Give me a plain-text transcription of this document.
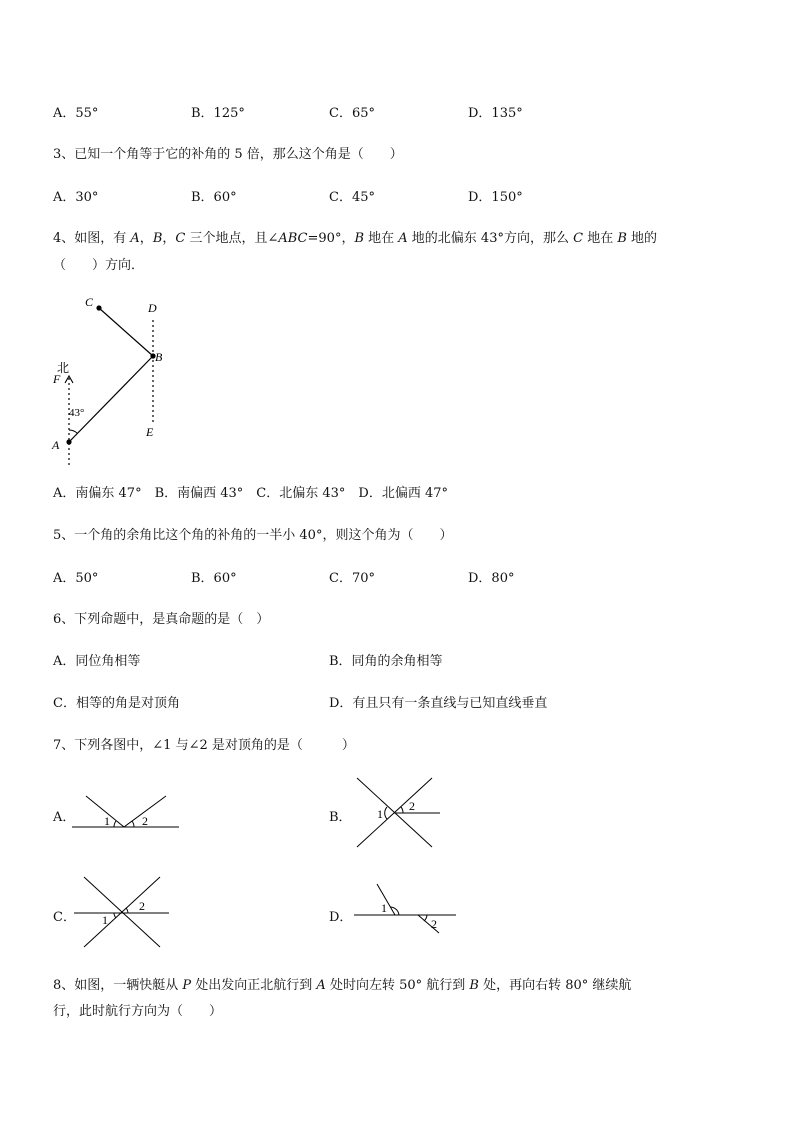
A．55°	B．125°	C．65°	D．135°
3、已知一个角等于它的补角的 5 倍，那么这个角是（　　）
A．30°	B．60°	C．45°	D．150°
4、如图，有 A，B，C 三个地点，且∠ABC=90°，B 地在 A 地的北偏东 43°方向，那么 C 地在 B 地的
（　　）方向．
C	D
B
北
F
43°
A
E
A．南偏东 47°　B．南偏西 43°　C．北偏东 43°　D．北偏西 47°
5、一个角的余角比这个角的补角的一半小 40°，则这个角为（　　）
A．50°	B．60°	C．70°	D．80°
6、下列命题中，是真命题的是（　）
A．同位角相等	B．同角的余角相等
C．相等的角是对顶角	D．有且只有一条直线与已知直线垂直
7、下列各图中，∠1 与∠2 是对顶角的是（　　　）
A． 1	2	B． 1
2
C． 1
2
D．
1
2
8、如图，一辆快艇从 P 处出发向正北航行到 A 处时向左转 50° 航行到 B 处，再向右转 80° 继续航
行，此时航行方向为（　　）
